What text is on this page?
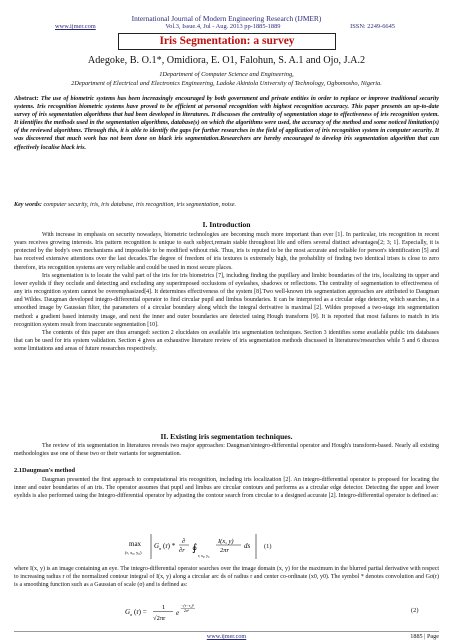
International Journal of Modern Engineering Research (IJMER)
www.ijmer.com	Vol.3, Issue.4, Jul - Aug. 2013 pp-1885-1889	ISSN: 2249-6645
Iris Segmentation: a survey
Adegoke, B. O.1*, Omidiora, E. O1, Falohun, S. A.1 and Ojo, J.A.2
1Department of Computer Science and Engineering,
2Department of Electrical and Electronics Engineering, Ladoke Akintola University of Technology, Ogbomosho, Nigeria.
Abstract: The use of biometric systems has been increasingly encouraged by both government and private entities in order to replace or improve traditional security systems. Iris recognition biometric systems have proved to be efficient at personal recognition with highest recognition accuracy. This paper presents an up-to-date survey of iris segmentation algorithms that had been developed in literatures. It discusses the centrality of segmentation stage to effectiveness of iris recognition system. It identifies the methods used in the segmentation algorithms, database(s) on which the algorithms were used, the accuracy of the method and some noticed limitation(s) of the reviewed algorithms. Through this, it is able to identify the gaps for further researches in the field of application of iris recognition system in computer security. It was discovered that much work has not been done on black iris segmentation.Researchers are hereby encouraged to develop iris segmentation algorithm that can effectively localise black iris.
Key words: computer security, iris, iris database, iris recognition, iris segmentation, noise.
I. Introduction

With increase in emphasis on security nowadays, biometric technologies are becoming much more important than ever [1]. In particular, iris recognition in recent years receives growing interests. Iris pattern recognition is unique to each subject,remain stable throughout life and offers several distinct advantages[2; 3; 1]. Especially, it is protected by the body's own mechanisms and impossible to be modified without risk. Thus, iris is reputed to be the most accurate and reliable for person's identification [5] and has received extensive attentions over the last decades.The degree of freedom of iris textures is extremely high, the probability of finding two identical irises is close to zero therefore, iris recognition systems are very reliable and could be used in most secure places.

Iris segmentation is to locate the valid part of the iris for iris biometrics [7], including finding the pupillary and limbic boundaries of the iris, localizing its upper and lower eyelids if they occlude and detecting and excluding any superimposed occlusions of eyelashes, shadows or reflections. The centrality of segmentation to effectiveness of any iris recognition system cannot be overemphasized[4]. It determines effectiveness of the system [8].Two well-known iris segmentation approaches are attributed to Daugman and Wildes. Daugman developed integro-differential operator to find circular pupil and limbus boundaries. It can be interpreted as a circular edge detector, which searches, in a smoothed image by Gaussian filter, the parameters of a circular boundary along which the integral derivative is maximal [2]. Wildes proposed a two-stage iris segmentation method: a gradient based intensity image, and next the inner and outer boundaries are detected using Hough transform [9]. It is reported that most failures to match in iris recognition system result from inaccurate segmentation [10].

The contents of this paper are thus arranged: section 2 elucidates on available iris segmentation techniques. Section 3 identifies some available public iris databases that can be used for iris system validation. Section 4 gives an exhaustive literature review of iris segmentation methods discussed in literatures/researches while 5 and 6 discuss some limitations and areas of future researches respectively.

II. Existing iris segmentation techniques.
The review of iris segmentation in literatures reveals two major approaches: Daugman'sintegro-differential operator and Hough's transform-based. Nearly all existing methodologies use one of these two or their variants for segmentation.
2.1Daugman's method
Daugman presented the first approach to computational iris recognition, including iris localization [2]. An integro-differential operator is proposed for locating the inner and outer boundaries of an iris. The operator assumes that pupil and limbus are circular contours and performs as a circular edge detector. Detecting the upper and lower eyelids is also performed using the Integro-differential operator by adjusting the contour search from circular to a designed accurate [2]. Integro-differential operator is defined as:
max
(r, x₀, y₀)
G σ (r) *
∂
∂r ∮
r, x₀, y₀
I(x, y)
2πr
ds (1)
where I(x, y) is an image containing an eye. The integro-differential operator searches over the image domain (x, y) for the maximum in the blurred partial derivative with respect to increasing radius r of the normalized contour integral of I(x, y) along a circular arc ds of radius r and center co-ordinate (x0, y0). The symbol * denotes convolution and Gσ(r) is a smoothing function such as a Gaussian of scale (σ) and is defined as:
G σ (r) =
1
√2πr
e
−(r−r₀)²
2σ²	(2)
www.ijmer.com	1885 | Page
